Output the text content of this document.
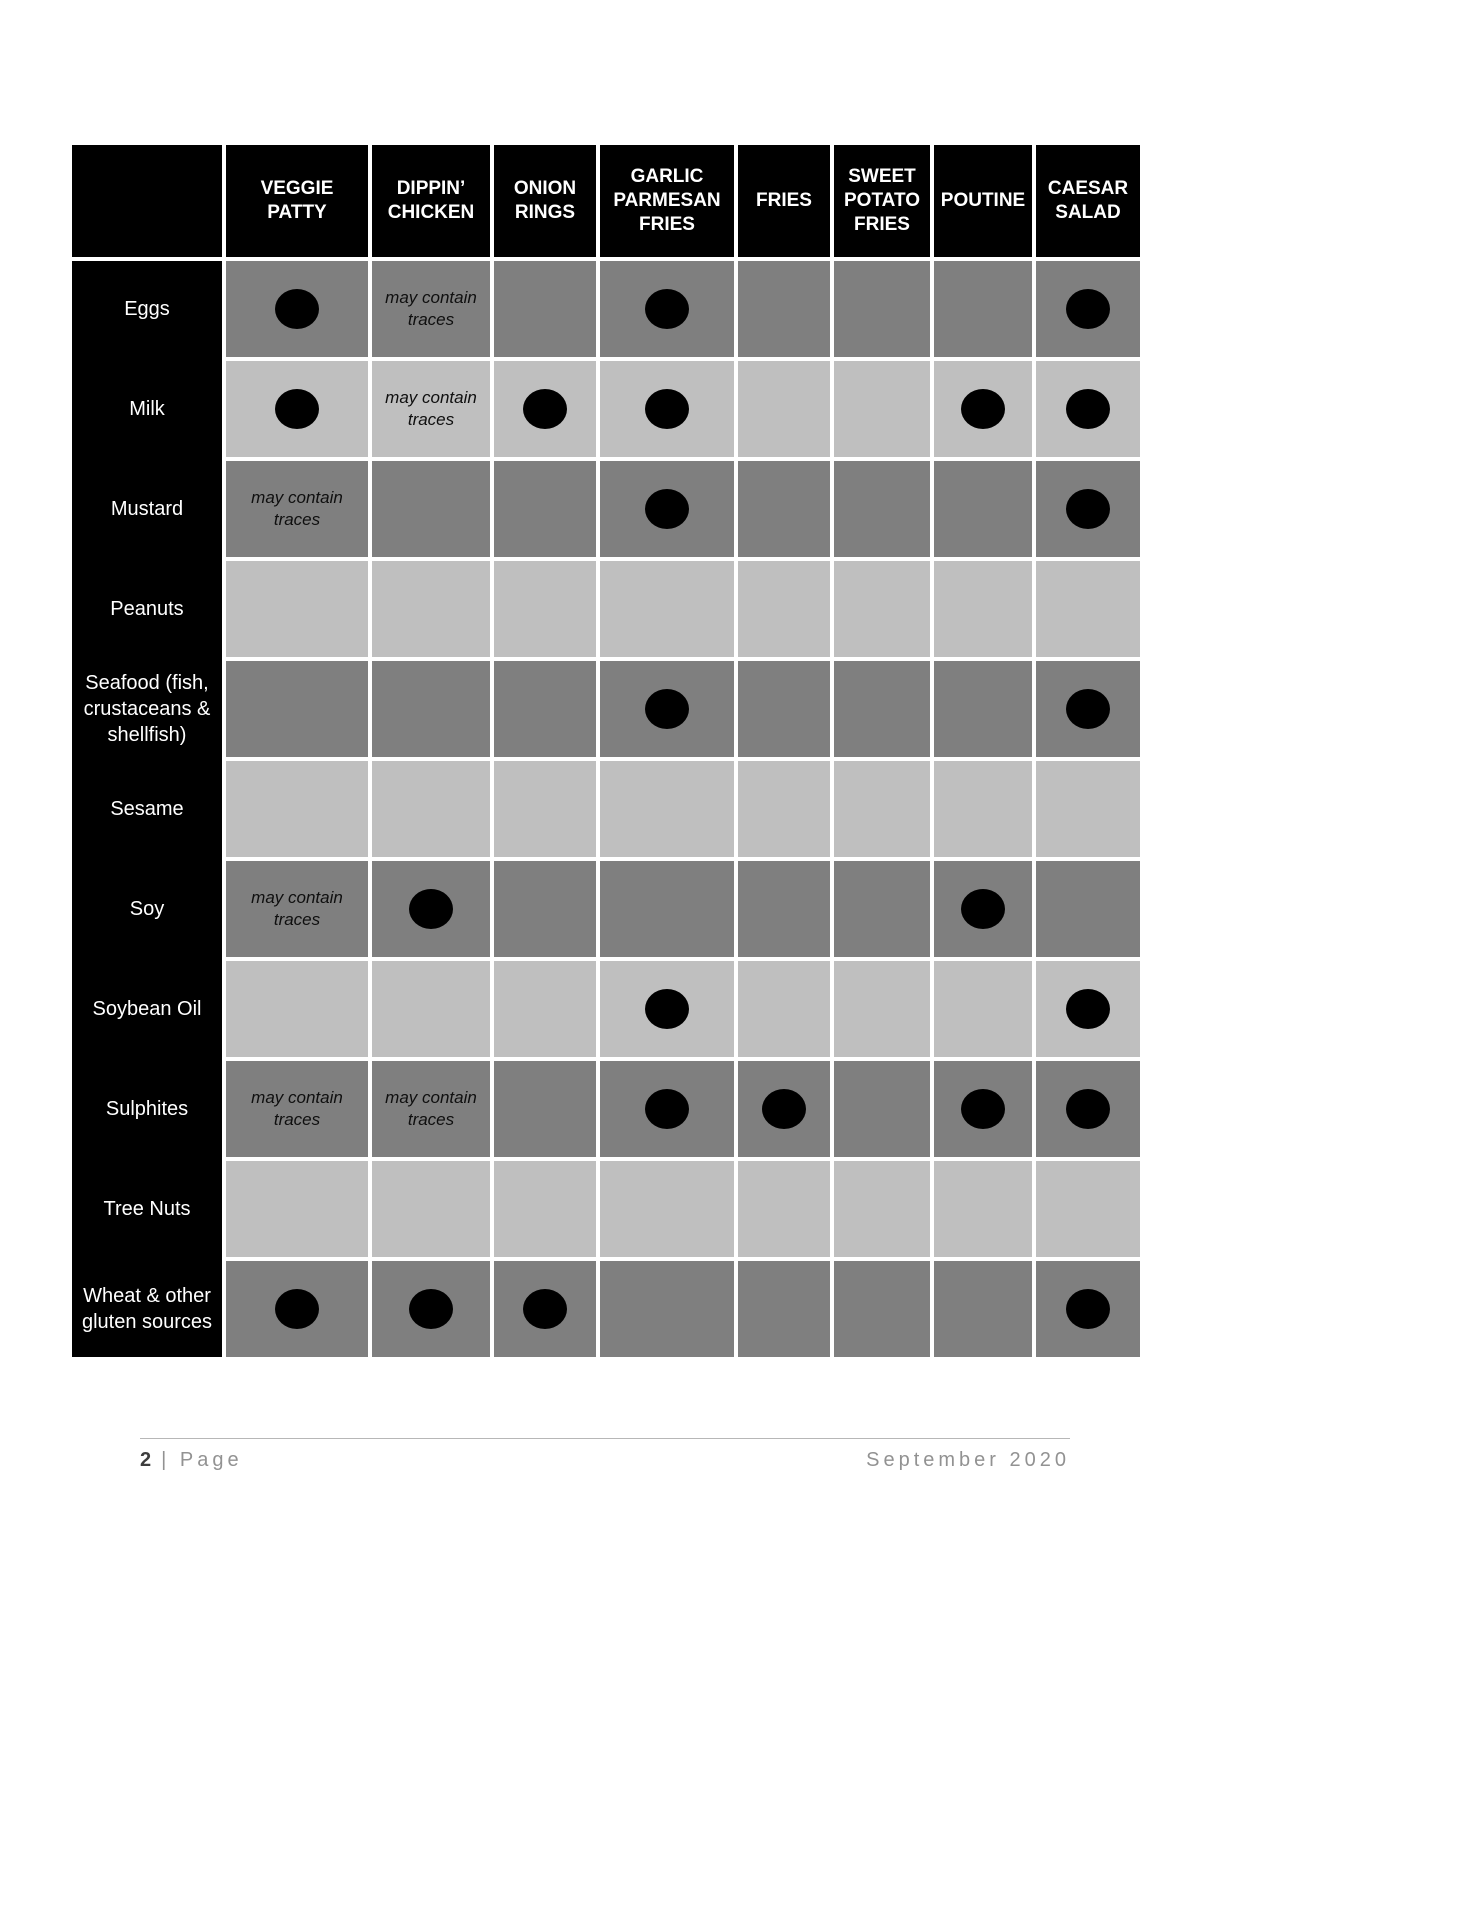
VEGGIE PATTY
DIPPIN’ CHICKEN
ONION RINGS
GARLIC PARMESAN FRIES
FRIES
SWEET POTATO FRIES
POUTINE
CAESAR SALAD
Eggs
may contain traces
Milk
may contain traces
Mustard
may contain traces
Peanuts
Seafood (fish, crustaceans & shellfish)
Sesame
Soy
may contain traces
Soybean Oil
Sulphites
may contain traces
may contain traces
Tree Nuts
Wheat & other gluten sources
2 | Page	September 2020
